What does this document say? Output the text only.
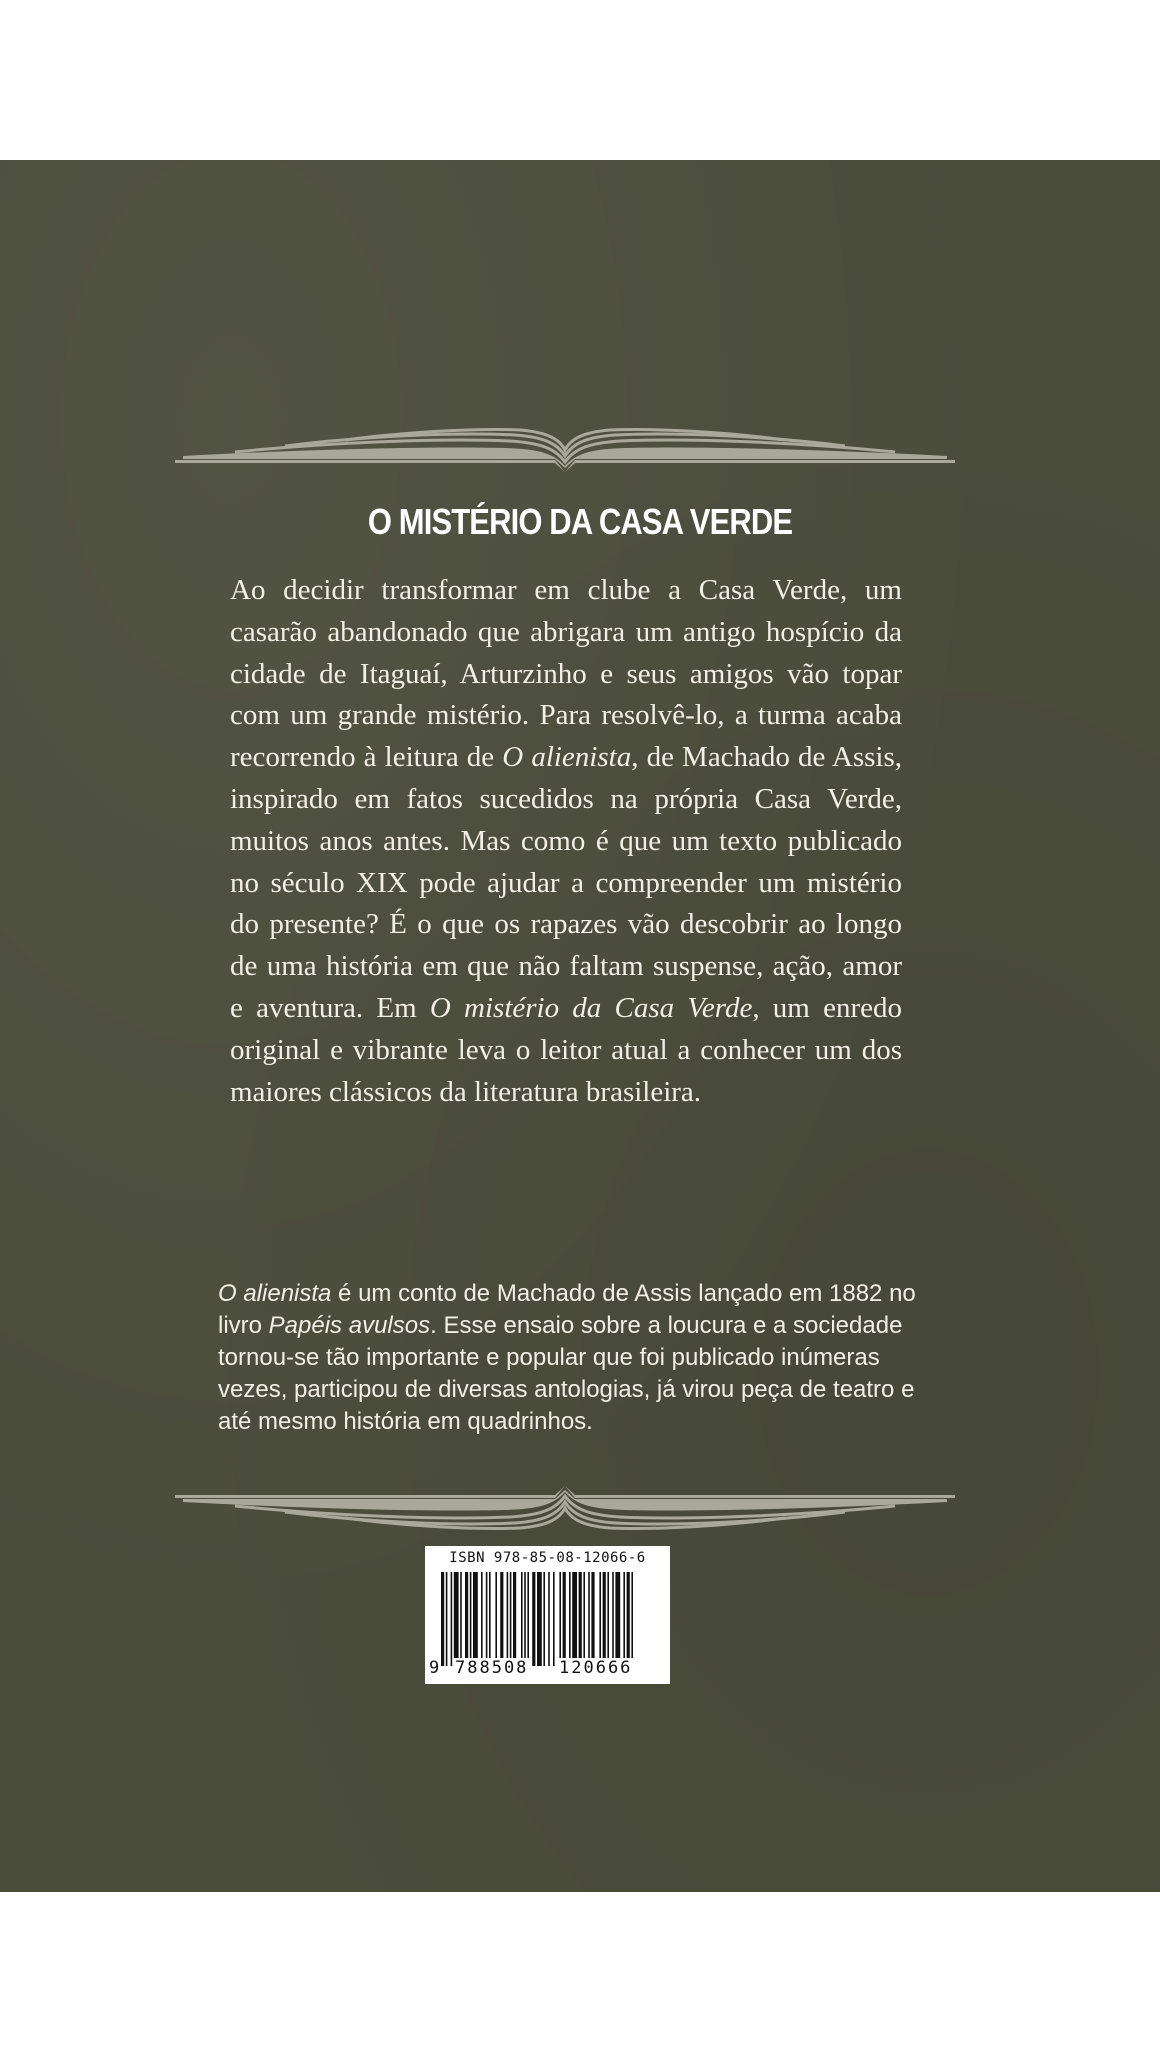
O MISTÉRIO DA CASA VERDE

Ao decidir transformar em clube a Casa Verde, um casarão abandonado que abrigara um antigo hospício da cidade de Itaguaí, Arturzinho e seus amigos vão topar com um grande mistério. Para resolvê-lo, a turma acaba recorrendo à leitura de O alienista, de Machado de Assis, inspirado em fatos sucedidos na própria Casa Verde, muitos anos antes. Mas como é que um texto publicado no século XIX pode ajudar a compreender um mistério do presente? É o que os rapazes vão descobrir ao longo de uma história em que não faltam suspense, ação, amor e aventura. Em O mistério da Casa Verde, um enredo original e vibrante leva o leitor atual a conhecer um dos maiores clássicos da literatura brasileira.

O alienista é um conto de Machado de Assis lançado em 1882 no livro Papéis avulsos. Esse ensaio sobre a loucura e a sociedade tornou-se tão importante e popular que foi publicado inúmeras vezes, participou de diversas antologias, já virou peça de teatro e até mesmo história em quadrinhos.

ISBN 978-85-08-12066-6
9 788508 120666
